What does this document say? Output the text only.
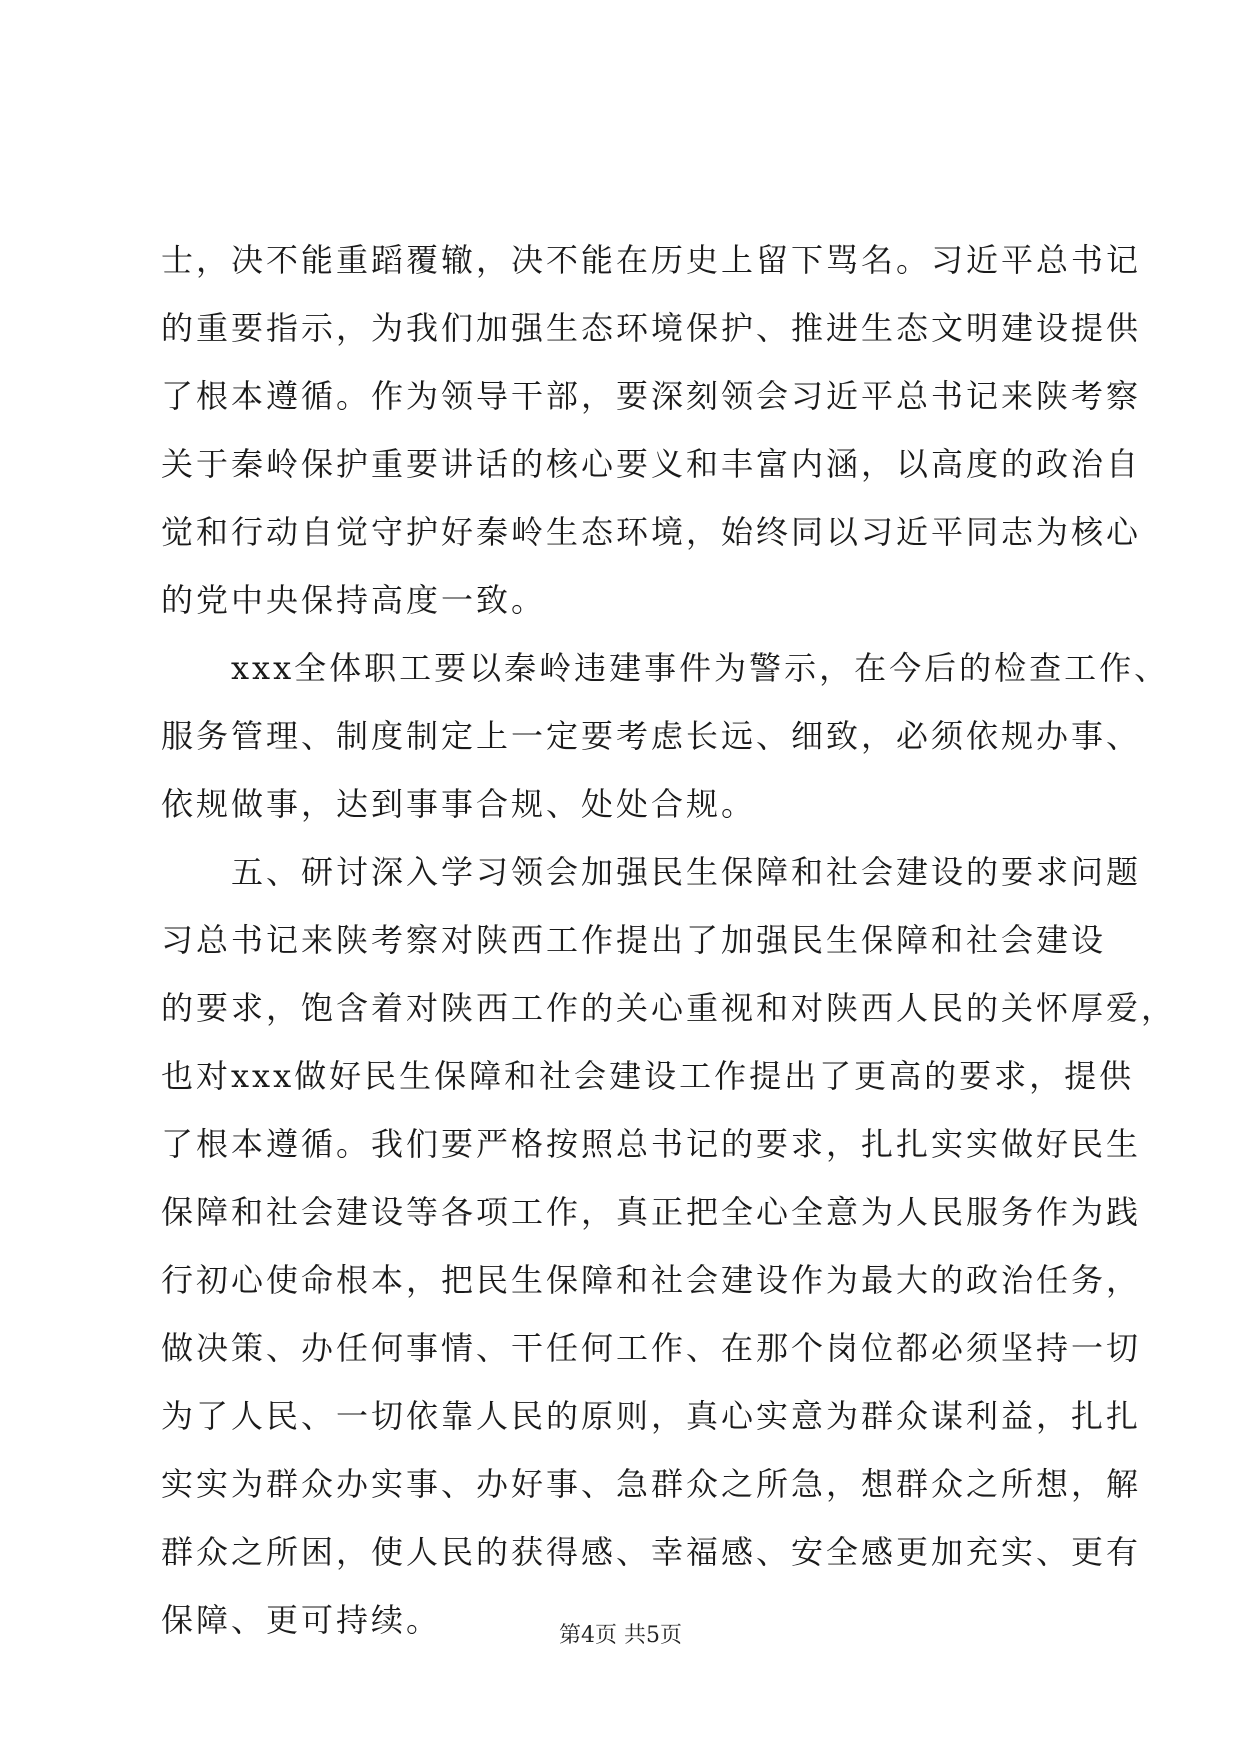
士，决不能重蹈覆辙，决不能在历史上留下骂名。习近平总书记
的重要指示，为我们加强生态环境保护、推进生态文明建设提供
了根本遵循。作为领导干部，要深刻领会习近平总书记来陕考察
关于秦岭保护重要讲话的核心要义和丰富内涵，以高度的政治自
觉和行动自觉守护好秦岭生态环境，始终同以习近平同志为核心
的党中央保持高度一致。
xxx全体职工要以秦岭违建事件为警示，在今后的检查工作、
服务管理、制度制定上一定要考虑长远、细致，必须依规办事、
依规做事，达到事事合规、处处合规。
五、研讨深入学习领会加强民生保障和社会建设的要求问题
习总书记来陕考察对陕西工作提出了加强民生保障和社会建设
的要求，饱含着对陕西工作的关心重视和对陕西人民的关怀厚爱，
也对xxx做好民生保障和社会建设工作提出了更高的要求，提供
了根本遵循。我们要严格按照总书记的要求，扎扎实实做好民生
保障和社会建设等各项工作，真正把全心全意为人民服务作为践
行初心使命根本，把民生保障和社会建设作为最大的政治任务，
做决策、办任何事情、干任何工作、在那个岗位都必须坚持一切
为了人民、一切依靠人民的原则，真心实意为群众谋利益，扎扎
实实为群众办实事、办好事、急群众之所急，想群众之所想，解
群众之所困，使人民的获得感、幸福感、安全感更加充实、更有
保障、更可持续。	第4页 共5页
